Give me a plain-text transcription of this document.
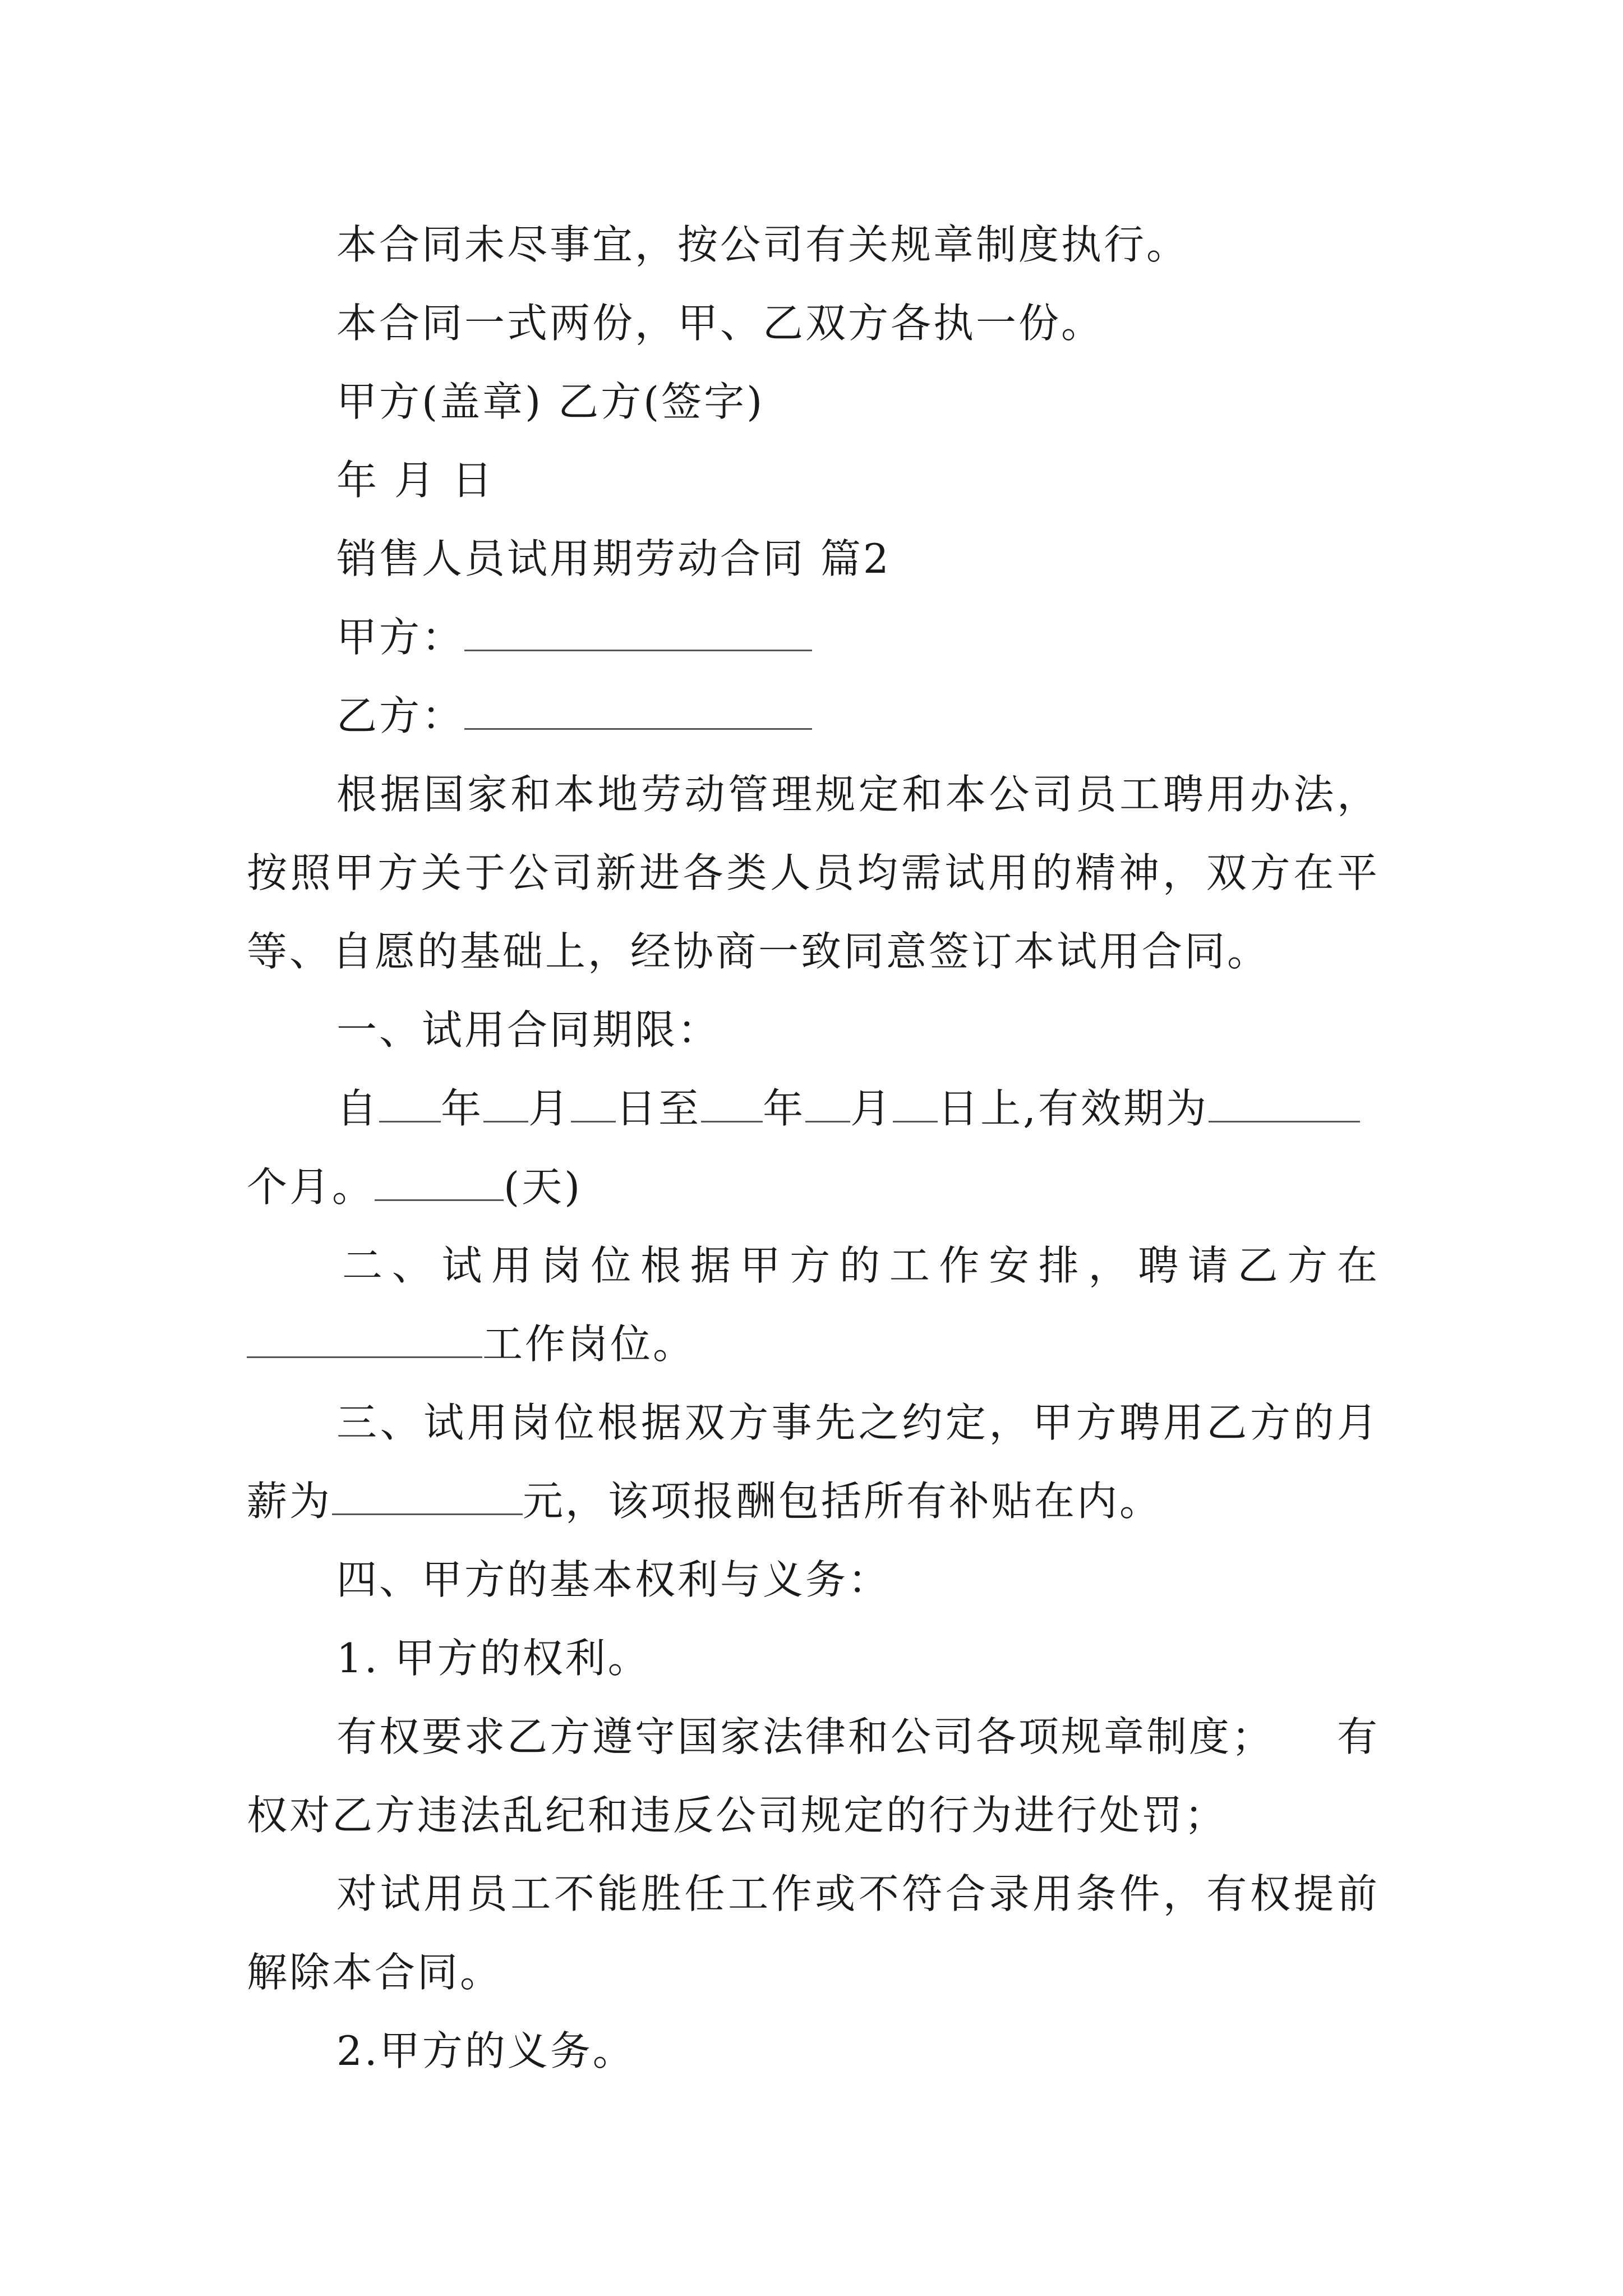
本合同未尽事宜，按公司有关规章制度执行。
本合同一式两份，甲、乙双方各执一份。
甲方(盖章) 乙方(签字)
年 月 日
销售人员试用期劳动合同 篇2
甲方：
乙方：
根据国家和本地劳动管理规定和本公司员工聘用办法，
按照甲方关于公司新进各类人员均需试用的精神，双方在平
等、自愿的基础上，经协商一致同意签订本试用合同。
一、试用合同期限：
自 年 月 日至 年 月 日上,有效期为
个月。	(天)
二、试用岗位根据甲方的工作安排，聘请乙方在
工作岗位。
三、试用岗位根据双方事先之约定，甲方聘用乙方的月
薪为	元，该项报酬包括所有补贴在内。
四、甲方的基本权利与义务：
1. 甲方的权利。
有权要求乙方遵守国家法律和公司各项规章制度； 有
权对乙方违法乱纪和违反公司规定的行为进行处罚；
对试用员工不能胜任工作或不符合录用条件，有权提前
解除本合同。
2.甲方的义务。
